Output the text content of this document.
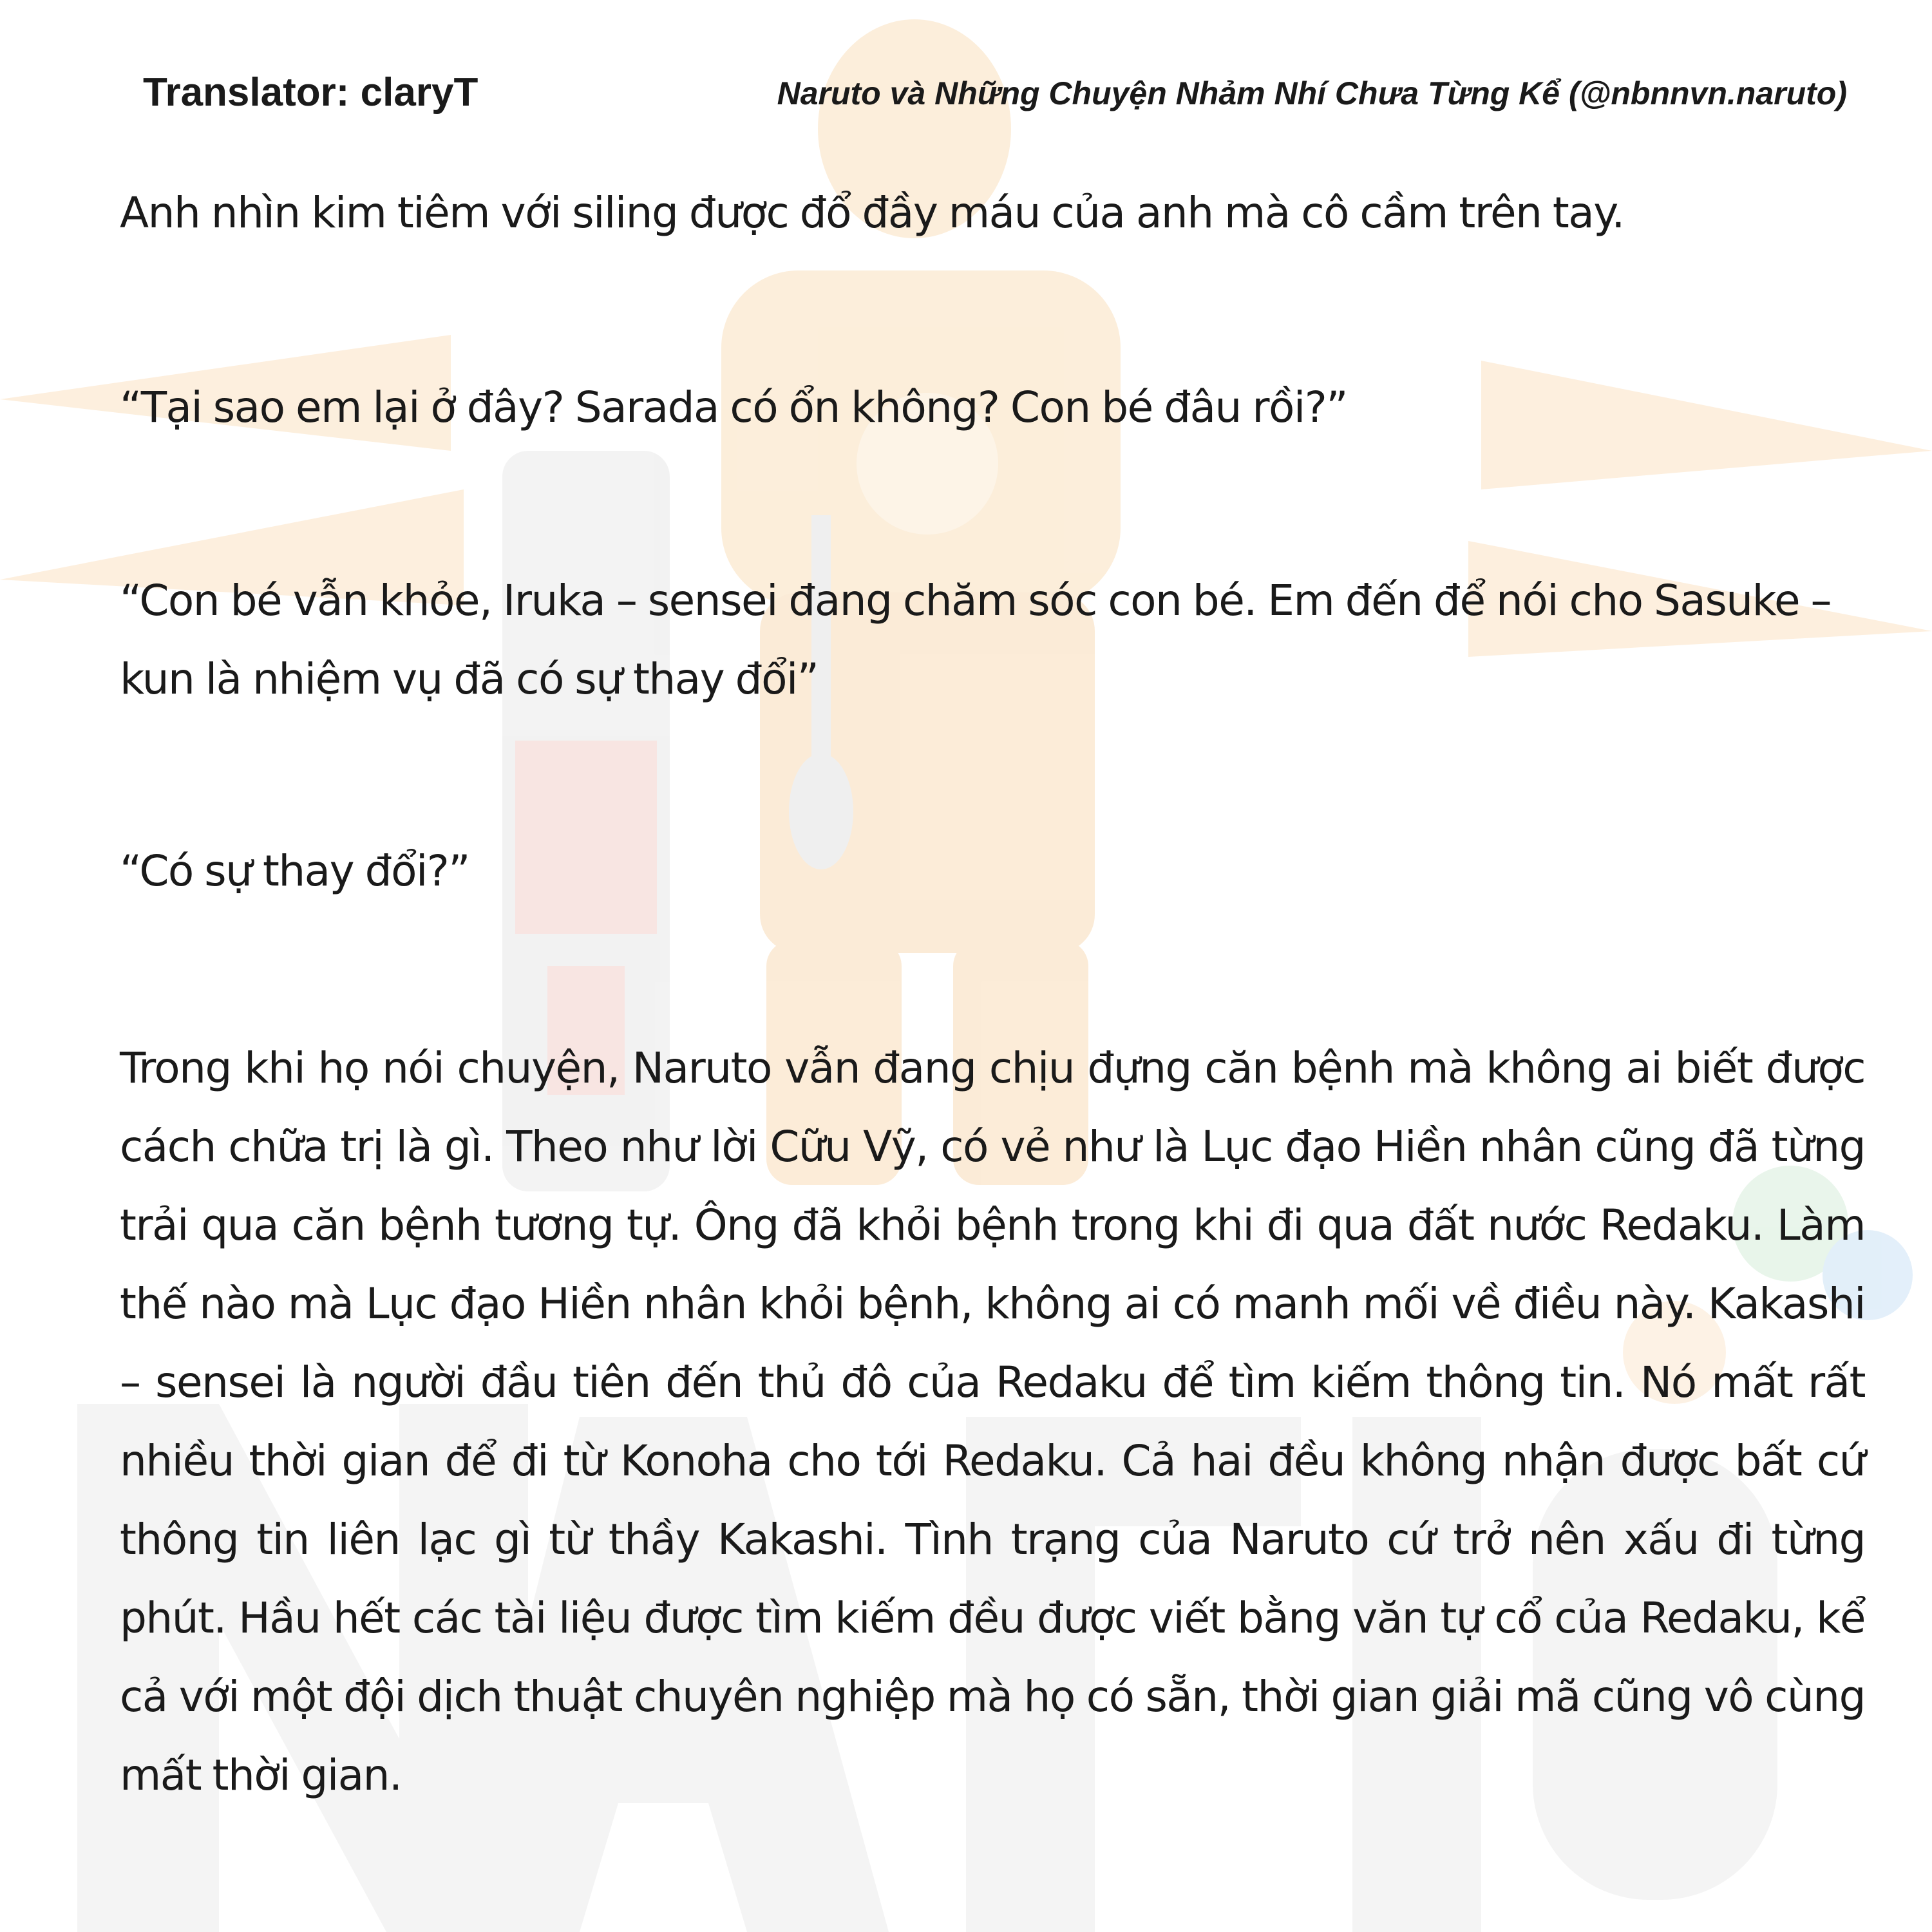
Translator: claryT	Naruto và Những Chuyện Nhảm Nhí Chưa Từng Kể (@nbnnvn.naruto)

Anh nhìn kim tiêm với siling được đổ đầy máu của anh mà cô cầm trên tay.

“Tại sao em lại ở đây? Sarada có ổn không? Con bé đâu rồi?”

“Con bé vẫn khỏe, Iruka – sensei đang chăm sóc con bé. Em đến để nói cho Sasuke – kun là nhiệm vụ đã có sự thay đổi”

“Có sự thay đổi?”

Trong khi họ nói chuyện, Naruto vẫn đang chịu đựng căn bệnh mà không ai biết được cách chữa trị là gì. Theo như lời Cữu Vỹ, có vẻ như là Lục đạo Hiền nhân cũng đã từng trải qua căn bệnh tương tự. Ông đã khỏi bệnh trong khi đi qua đất nước Redaku. Làm thế nào mà Lục đạo Hiền nhân khỏi bệnh, không ai có manh mối về điều này. Kakashi – sensei là người đầu tiên đến thủ đô của Redaku để tìm kiếm thông tin. Nó mất rất nhiều thời gian để đi từ Konoha cho tới Redaku. Cả hai đều không nhận được bất cứ thông tin liên lạc gì từ thầy Kakashi. Tình trạng của Naruto cứ trở nên xấu đi từng phút. Hầu hết các tài liệu được tìm kiếm đều được viết bằng văn tự cổ của Redaku, kể cả với một đội dịch thuật chuyên nghiệp mà họ có sẵn, thời gian giải mã cũng vô cùng mất thời gian.
